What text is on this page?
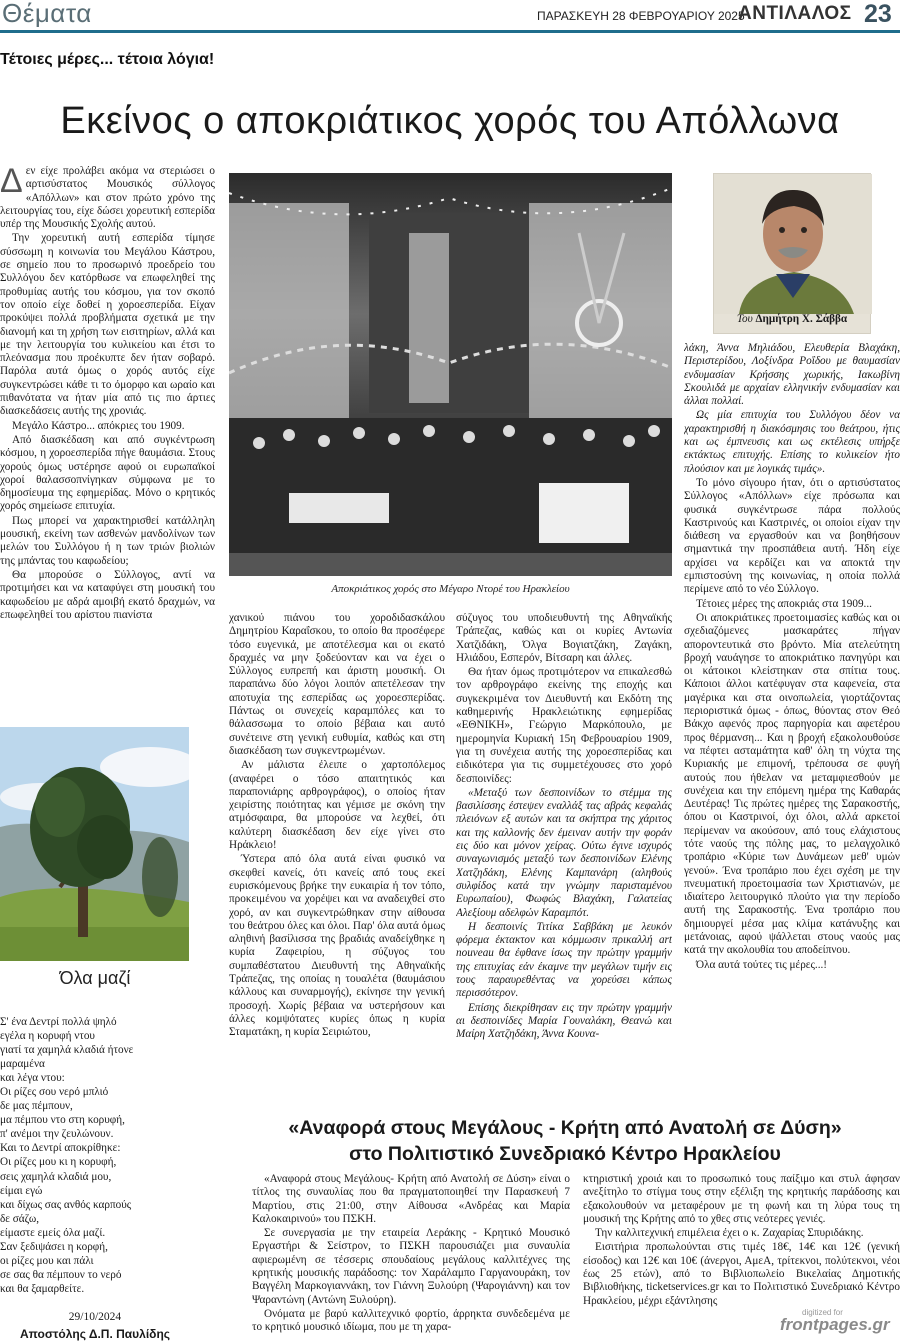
Θέματα	ΠΑΡΑΣΚΕΥΗ 28 ΦΕΒΡΟΥΑΡΙΟΥ 2025
ΑΝΤΙΛΑΛΟΣ 23
Τέτοιες μέρες... τέτοια λόγια!
Εκείνος ο αποκριάτικος χορός του Απόλλωνα

Δεν είχε προλάβει ακόμα να στεριώσει ο αρτισύστατος Μουσικός σύλλογος «Απόλλων» και στον πρώτο χρόνο της λειτουργίας του, είχε δώσει χορευτική εσπερίδα υπέρ της Μουσικής Σχολής αυτού.

Την χορευτική αυτή εσπερίδα τίμησε σύσσωμη η κοινωνία του Μεγάλου Κάστρου, σε σημείο που το προσωρινό προεδρείο του Συλλόγου δεν κατόρθωσε να επωφεληθεί της προθυμίας αυτής του κόσμου, για τον σκοπό τον οποίο είχε δοθεί η χοροεσπερίδα. Είχαν προκύψει πολλά προβλήματα σχετικά με την διανομή και τη χρήση των εισιτηρίων, αλλά και με την λειτουργία του κυλικείου και έτσι το πλεόνασμα που προέκυπτε δεν ήταν σοβαρό. Παρόλα αυτά όμως ο χορός αυτός είχε συγκεντρώσει κάθε τι το όμορφο και ωραίο και πιθανότατα να ήταν μία από τις πιο άρτιες διασκεδάσεις αυτής της χρονιάς.

Μεγάλο Κάστρο... απόκριες του 1909.

Από διασκέδαση και από συγκέντρωση κόσμου, η χοροεσπερίδα πήγε θαυμάσια. Στους χορούς όμως υστέρησε αφού οι ευρωπαϊκοί χοροί θαλασσοπνίγηκαν σύμφωνα με το δημοσίευμα της εφημερίδας. Μόνο ο κρητικός χορός σημείωσε επιτυχία.

Πως μπορεί να χαρακτηρισθεί κατάλληλη μουσική, εκείνη των ασθενών μανδολίνων των μελών του Συλλόγου ή η των τριών βιολιών της μπάντας του καφωδείου;

Θα μπορούσε ο Σύλλογος, αντί να προτιμήσει και να καταφύγει στη μουσική του καφωδείου με αδρά αμοιβή εκατό δραχμών, να επωφεληθεί του αρίστου πιανίστα

Αποκριάτικος χορός στο Μέγαρο Ντορέ του Ηρακλείου

χανικού πιάνου του χοροδιδασκάλου Δημητρίου Καραΐσκου, το οποίο θα προσέφερε τόσο ευγενικά, με αποτέλεσμα και οι εκατό δραχμές να μην ξοδεύονταν και να έχει ο Σύλλογος ευπρεπή και άριστη μουσική. Οι παραπάνω δύο λόγοι λοιπόν απετέλεσαν την αποτυχία της εσπερίδας ως χοροεσπερίδας. Πάντως οι συνεχείς καραμπόλες και το θάλασσωμα το οποίο βέβαια και αυτό συνέτεινε στη γενική ευθυμία, καθώς και στη διασκέδαση των συγκεντρωμένων.

Αν μάλιστα έλειπε ο χαρτοπόλεμος (αναφέρει ο τόσο απαιτητικός και παραπονιάρης αρθρογράφος), ο οποίος ήταν χειρίστης ποιότητας και γέμισε με σκόνη την ατμόσφαιρα, θα μπορούσε να λεχθεί, ότι καλύτερη διασκέδαση δεν είχε γίνει στο Ηράκλειο!

Ύστερα από όλα αυτά είναι φυσικό να σκεφθεί κανείς, ότι κανείς από τους εκεί ευρισκόμενους βρήκε την ευκαιρία ή τον τόπο, προκειμένου να χορέψει και να αναδειχθεί στο χορό, αν και συγκεντρώθηκαν στην αίθουσα του θεάτρου όλες και όλοι. Παρ' όλα αυτά όμως αληθινή βασίλισσα της βραδιάς αναδείχθηκε η κυρία Ζαφειρίου, η σύζυγος του συμπαθέστατου Διευθυντή της Αθηναϊκής Τράπεζας, της οποίας η τουαλέτα (θαυμάσιου κάλλους και συναρμογής), εκίνησε την γενική προσοχή. Χωρίς βέβαια να υστερήσουν και άλλες κομψότατες κυρίες όπως η κυρία Σταματάκη, η κυρία Σειριώτου,

σύζυγος του υποδιευθυντή της Αθηναϊκής Τράπεζας, καθώς και οι κυρίες Αντωνία Χατζιδάκη, Όλγα Βογιατζάκη, Ζαγάκη, Ηλιάδου, Εσπερόν, Βίτσαρη και άλλες.

Θα ήταν όμως προτιμότερον να επικαλεσθώ τον αρθρογράφο εκείνης της εποχής και συγκεκριμένα τον Διευθυντή και Εκδότη της καθημερινής Ηρακλειώτικης εφημερίδας «ΕΘΝΙΚΗ», Γεώργιο Μαρκόπουλο, με ημερομηνία Κυριακή 15η Φεβρουαρίου 1909, για τη συνέχεια αυτής της χοροεσπερίδας και ειδικότερα για τις συμμετέχουσες στο χορό δεσποινίδες:

«Μεταξύ των δεσποινίδων το στέμμα της βασιλίσσης έστεψεν εναλλάξ τας αβράς κεφαλάς πλειόνων εξ αυτών και τα σκήπτρα της χάριτος και της καλλονής δεν έμειναν αυτήν την φοράν εις δύο και μόνον χείρας. Ούτω έγινε ισχυρός συναγωνισμός μεταξύ των δεσποινίδων Ελένης Χατζηδάκη, Ελένης Καμπανάρη (αληθούς συλφίδος κατά την γνώμην παρισταμένου Ευρωπαίου), Φωφώς Βλαχάκη, Γαλατείας Αλεξίουμ αδελφών Καραμπότ.

Η δεσποινίς Τιτίκα Σαββάκη με λευκόν φόρεμα έκτακτον και κόμμωσιν πρικαλλή art nouveau θα έφθανε ίσως την πρώτην γραμμήν της επιτυχίας εάν έκαμνε την μεγάλων τιμήν εις τους παραυρεθέντας να χορεύσει κάπως περισσότερον.

Επίσης διεκρίθησαν εις την πρώτην γραμμήν αι δεσποινίδες Μαρία Γουναλάκη, Θεανώ και Μαίρη Χατζηδάκη, Άννα Κουνα-

Του Δημήτρη Χ. Σάββα

λάκη, Άννα Μηλιάδου, Ελευθερία Βλαχάκη, Περιστερίδου, Λοξίνδρα Ροΐδου με θαυμασίαν ενδυμασίαν Κρήσσης χωρικής, Ιακωβίνη Σκουλιδά με αρχαίαν ελληνικήν ενδυμασίαν και άλλαι πολλαί.

Ως μία επιτυχία του Συλλόγου δέον να χαρακτηρισθή η διακόσμησις του θεάτρου, ήτις και ως έμπνευσις και ως εκτέλεσις υπήρξε εκτάκτως επιτυχής. Επίσης το κυλικείον ήτο πλούσιον και με λογικάς τιμάς».

Το μόνο σίγουρο ήταν, ότι ο αρτισύστατος Σύλλογος «Απόλλων» είχε πρόσωπα και φυσικά συγκέντρωσε πάρα πολλούς Καστρινούς και Καστρινές, οι οποίοι είχαν την διάθεση να εργασθούν και να βοηθήσουν σημαντικά την προσπάθεια αυτή. Ήδη είχε αρχίσει να κερδίζει και να αποκτά την εμπιστοσύνη της κοινωνίας, η οποία πολλά περίμενε από το νέο Σύλλογο.

Τέτοιες μέρες της αποκριάς στα 1909...

Οι αποκριάτικες προετοιμασίες καθώς και οι σχεδιαζόμενες μασκαράτες πήγαν αποροντευτικά στο βρόντο. Μία ατελεύτητη βροχή ναυάγησε το αποκριάτικο πανηγύρι και οι κάτοικοι κλείστηκαν στα σπίτια τους. Κάποιοι άλλοι κατέφυγαν στα καφενεία, στα μαγέρικα και στα οινοπωλεία, γιορτάζοντας περιοριστικά όμως - όπως, θύοντας στον Θεό Βάκχο αφενός προς παρηγορία και αφετέρου προς θέρμανση... Και η βροχή εξακολουθούσε να πέφτει ασταμάτητα καθ' όλη τη νύχτα της Κυριακής με επιμονή, τρέπουσα σε φυγή αυτούς που ήθελαν να μεταμφιεσθούν με συνέχεια και την επόμενη ημέρα της Καθαράς Δευτέρας! Τις πρώτες ημέρες της Σαρακοστής, όπου οι Καστρινοί, όχι όλοι, αλλά αρκετοί περίμεναν να ακούσουν, από τους ελάχιστους τότε ναούς της πόλης μας, το μελαγχολικό τροπάριο «Κύριε των Δυνάμεων μεθ' υμών γενού». Ένα τροπάριο που έχει σχέση με την πνευματική προετοιμασία των Χριστιανών, με ιδιαίτερο λειτουργικό πλούτο για την περίοδο αυτή της Σαρακοστής. Ένα τροπάριο που δημιουργεί μέσα μας κλίμα κατάνυξης και μετάνοιας, αφού ψάλλεται στους ναούς μας κατά την ακολουθία του αποδείπνου.

Όλα αυτά τούτες τις μέρες...!

Όλα μαζί
Σ' ένα Δεντρί πολλά ψηλό
εγέλα η κορυφή ντου
γιατί τα χαμηλά κλαδιά ήτονε
μαραμένα
και λέγα ντου:
Οι ρίζες σου νερό μπλιό
δε μας πέμπουν,
μα πέμπου ντο στη κορυφή,
π' ανέμοι την ζευλώνουν.
Και το Δεντρί αποκρίθηκε:
Οι ρίζες μου κι η κορυφή,
σεις χαμηλά κλαδιά μου,
είμαι εγώ
και δίχως σας ανθός καρπούς
δε σάζω,
είμαστε εμείς όλα μαζί.
Σαν ξεδιψάσει η κορφή,
οι ρίζες μου και πάλι
σε σας θα πέμπουν το νερό
και θα ξαμαρθείτε.
29/10/2024
Αποστόλης Δ.Π. Παυλίδης
«Αναφορά στους Μεγάλους - Κρήτη από Ανατολή σε Δύση»
στο Πολιτιστικό Συνεδριακό Κέντρο Ηρακλείου

«Αναφορά στους Μεγάλους- Κρήτη από Ανατολή σε Δύση» είναι ο τίτλος της συναυλίας που θα πραγματοποιηθεί την Παρασκευή 7 Μαρτίου, στις 21:00, στην Αίθουσα «Ανδρέας και Μαρία Καλοκαιρινού» του ΠΣΚΗ.

Σε συνεργασία με την εταιρεία Λεράκης - Κρητικό Μουσικό Εργαστήρι & Σείστρον, το ΠΣΚΗ παρουσιάζει μια συναυλία αφιερωμένη σε τέσσερις σπουδαίους μεγάλους καλλιτέχνες της κρητικής μουσικής παράδοσης: τον Χαράλαμπο Γαργανουράκη, τον Βαγγέλη Μαρκογιαννάκη, τον Γιάννη Ξυλούρη (Ψαρογιάννη) και τον Ψαραντώνη (Αντώνη Ξυλούρη).

Ονόματα με βαρύ καλλιτεχνικό φορτίο, άρρηκτα συνδεδεμένα με το κρητικό μουσικό ιδίωμα, που με τη χαρα-

κτηριστική χροιά και το προσωπικό τους παίξιμο και στυλ άφησαν ανεξίτηλο το στίγμα τους στην εξέλιξη της κρητικής παράδοσης και εξακολουθούν να μεταφέρουν με τη φωνή και τη λύρα τους τη μουσική της Κρήτης από το χθες στις νεότερες γενιές.

Την καλλιτεχνική επιμέλεια έχει ο κ. Ζαχαρίας Σπυριδάκης.

Εισιτήρια προπωλούνται στις τιμές 18€, 14€ και 12€ (γενική είσοδος) και 12€ και 10€ (άνεργοι, ΑμεΑ, τρίτεκνοι, πολύτεκνοι, νέοι έως 25 ετών), από το Βιβλιοπωλείο Βικελαίας Δημοτικής Βιβλιοθήκης, ticketservices.gr και το Πολιτιστικό Συνεδριακό Κέντρο Ηρακλείου, μέχρι εξάντλησης

digitized for
frontpages.gr
